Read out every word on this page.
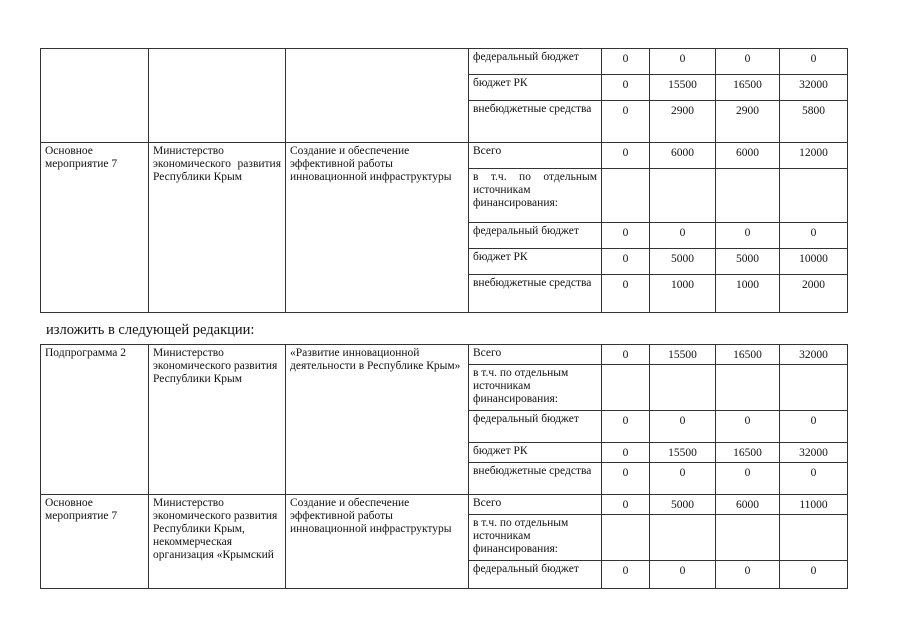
			федеральный бюджет	0	0	0	0
			бюджет РК	0	15500	16500	32000
			внебюджетные средства	0	2900	2900	5800
Основное мероприятие 7	Министерство экономического развития Республики Крым	Создание и обеспечение эффективной работы инновационной инфраструктуры	Всего	0	6000	6000	12000
			в т.ч. по отдельным источникам финансирования:				
			федеральный бюджет	0	0	0	0
			бюджет РК	0	5000	5000	10000
			внебюджетные средства	0	1000	1000	2000
изложить в следующей редакции:
Подпрограмма 2	Министерство экономического развития Республики Крым	«Развитие инновационной деятельности в Республике Крым»	Всего	0	15500	16500	32000
			в т.ч. по отдельным источникам финансирования:				
			федеральный бюджет	0	0	0	0
			бюджет РК	0	15500	16500	32000
			внебюджетные средства	0	0	0	0
Основное мероприятие 7	Министерство экономического развития Республики Крым, некоммерческая организация «Крымский	Создание и обеспечение эффективной работы инновационной инфраструктуры	Всего	0	5000	6000	11000
			в т.ч. по отдельным источникам финансирования:				
			федеральный бюджет	0	0	0	0
